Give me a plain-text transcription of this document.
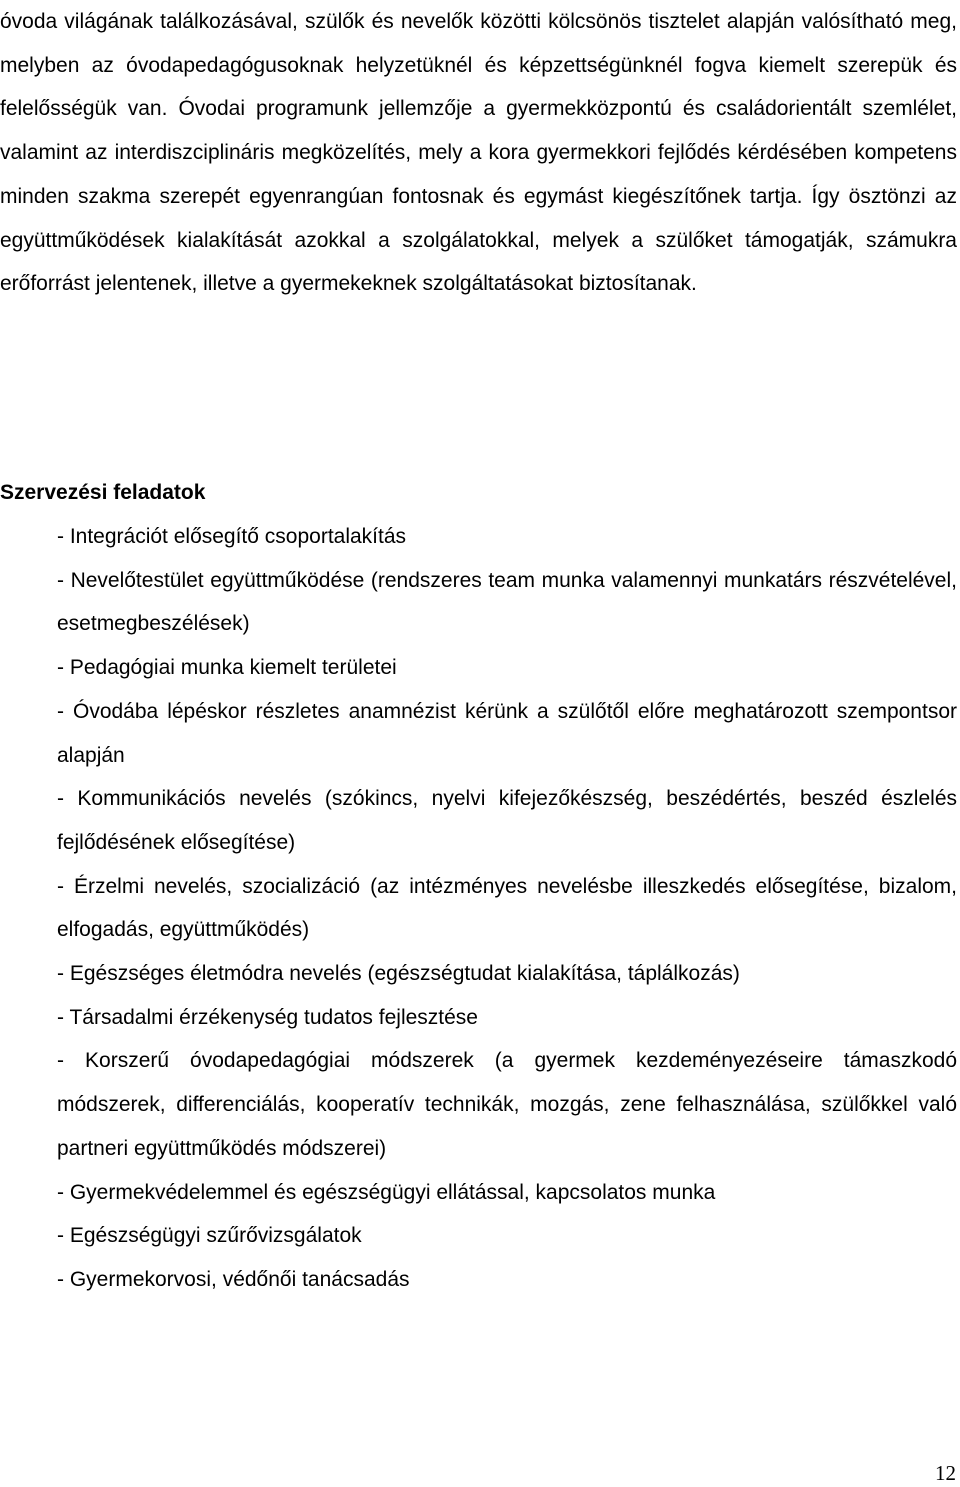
óvoda világának találkozásával, szülők és nevelők közötti kölcsönös tisztelet alapján valósítható meg, melyben az óvodapedagógusoknak helyzetüknél és képzettségünknél fogva kiemelt szerepük és felelősségük van. Óvodai programunk jellemzője a gyermekközpontú és családorientált szemlélet, valamint az interdiszciplináris megközelítés, mely a kora gyermekkori fejlődés kérdésében kompetens minden szakma szerepét egyenrangúan fontosnak és egymást kiegészítőnek tartja. Így ösztönzi az együttműködések kialakítását azokkal a szolgálatokkal, melyek a szülőket támogatják, számukra erőforrást jelentenek, illetve a gyermekeknek szolgáltatásokat biztosítanak.

Szervezési feladatok
- Integrációt elősegítő csoportalakítás
- Nevelőtestület együttműködése (rendszeres team munka valamennyi munkatárs részvételével, esetmegbeszélések)
- Pedagógiai munka kiemelt területei
- Óvodába lépéskor részletes anamnézist kérünk a szülőtől előre meghatározott szempontsor alapján
- Kommunikációs nevelés (szókincs, nyelvi kifejezőkészség, beszédértés, beszéd észlelés fejlődésének elősegítése)
- Érzelmi nevelés, szocializáció (az intézményes nevelésbe illeszkedés elősegítése, bizalom, elfogadás, együttműködés)
- Egészséges életmódra nevelés (egészségtudat kialakítása, táplálkozás)
- Társadalmi érzékenység tudatos fejlesztése
- Korszerű óvodapedagógiai módszerek (a gyermek kezdeményezéseire támaszkodó módszerek, differenciálás, kooperatív technikák, mozgás, zene felhasználása, szülőkkel való partneri együttműködés módszerei)
- Gyermekvédelemmel és egészségügyi ellátással, kapcsolatos munka
- Egészségügyi szűrővizsgálatok
- Gyermekorvosi, védőnői tanácsadás
12
